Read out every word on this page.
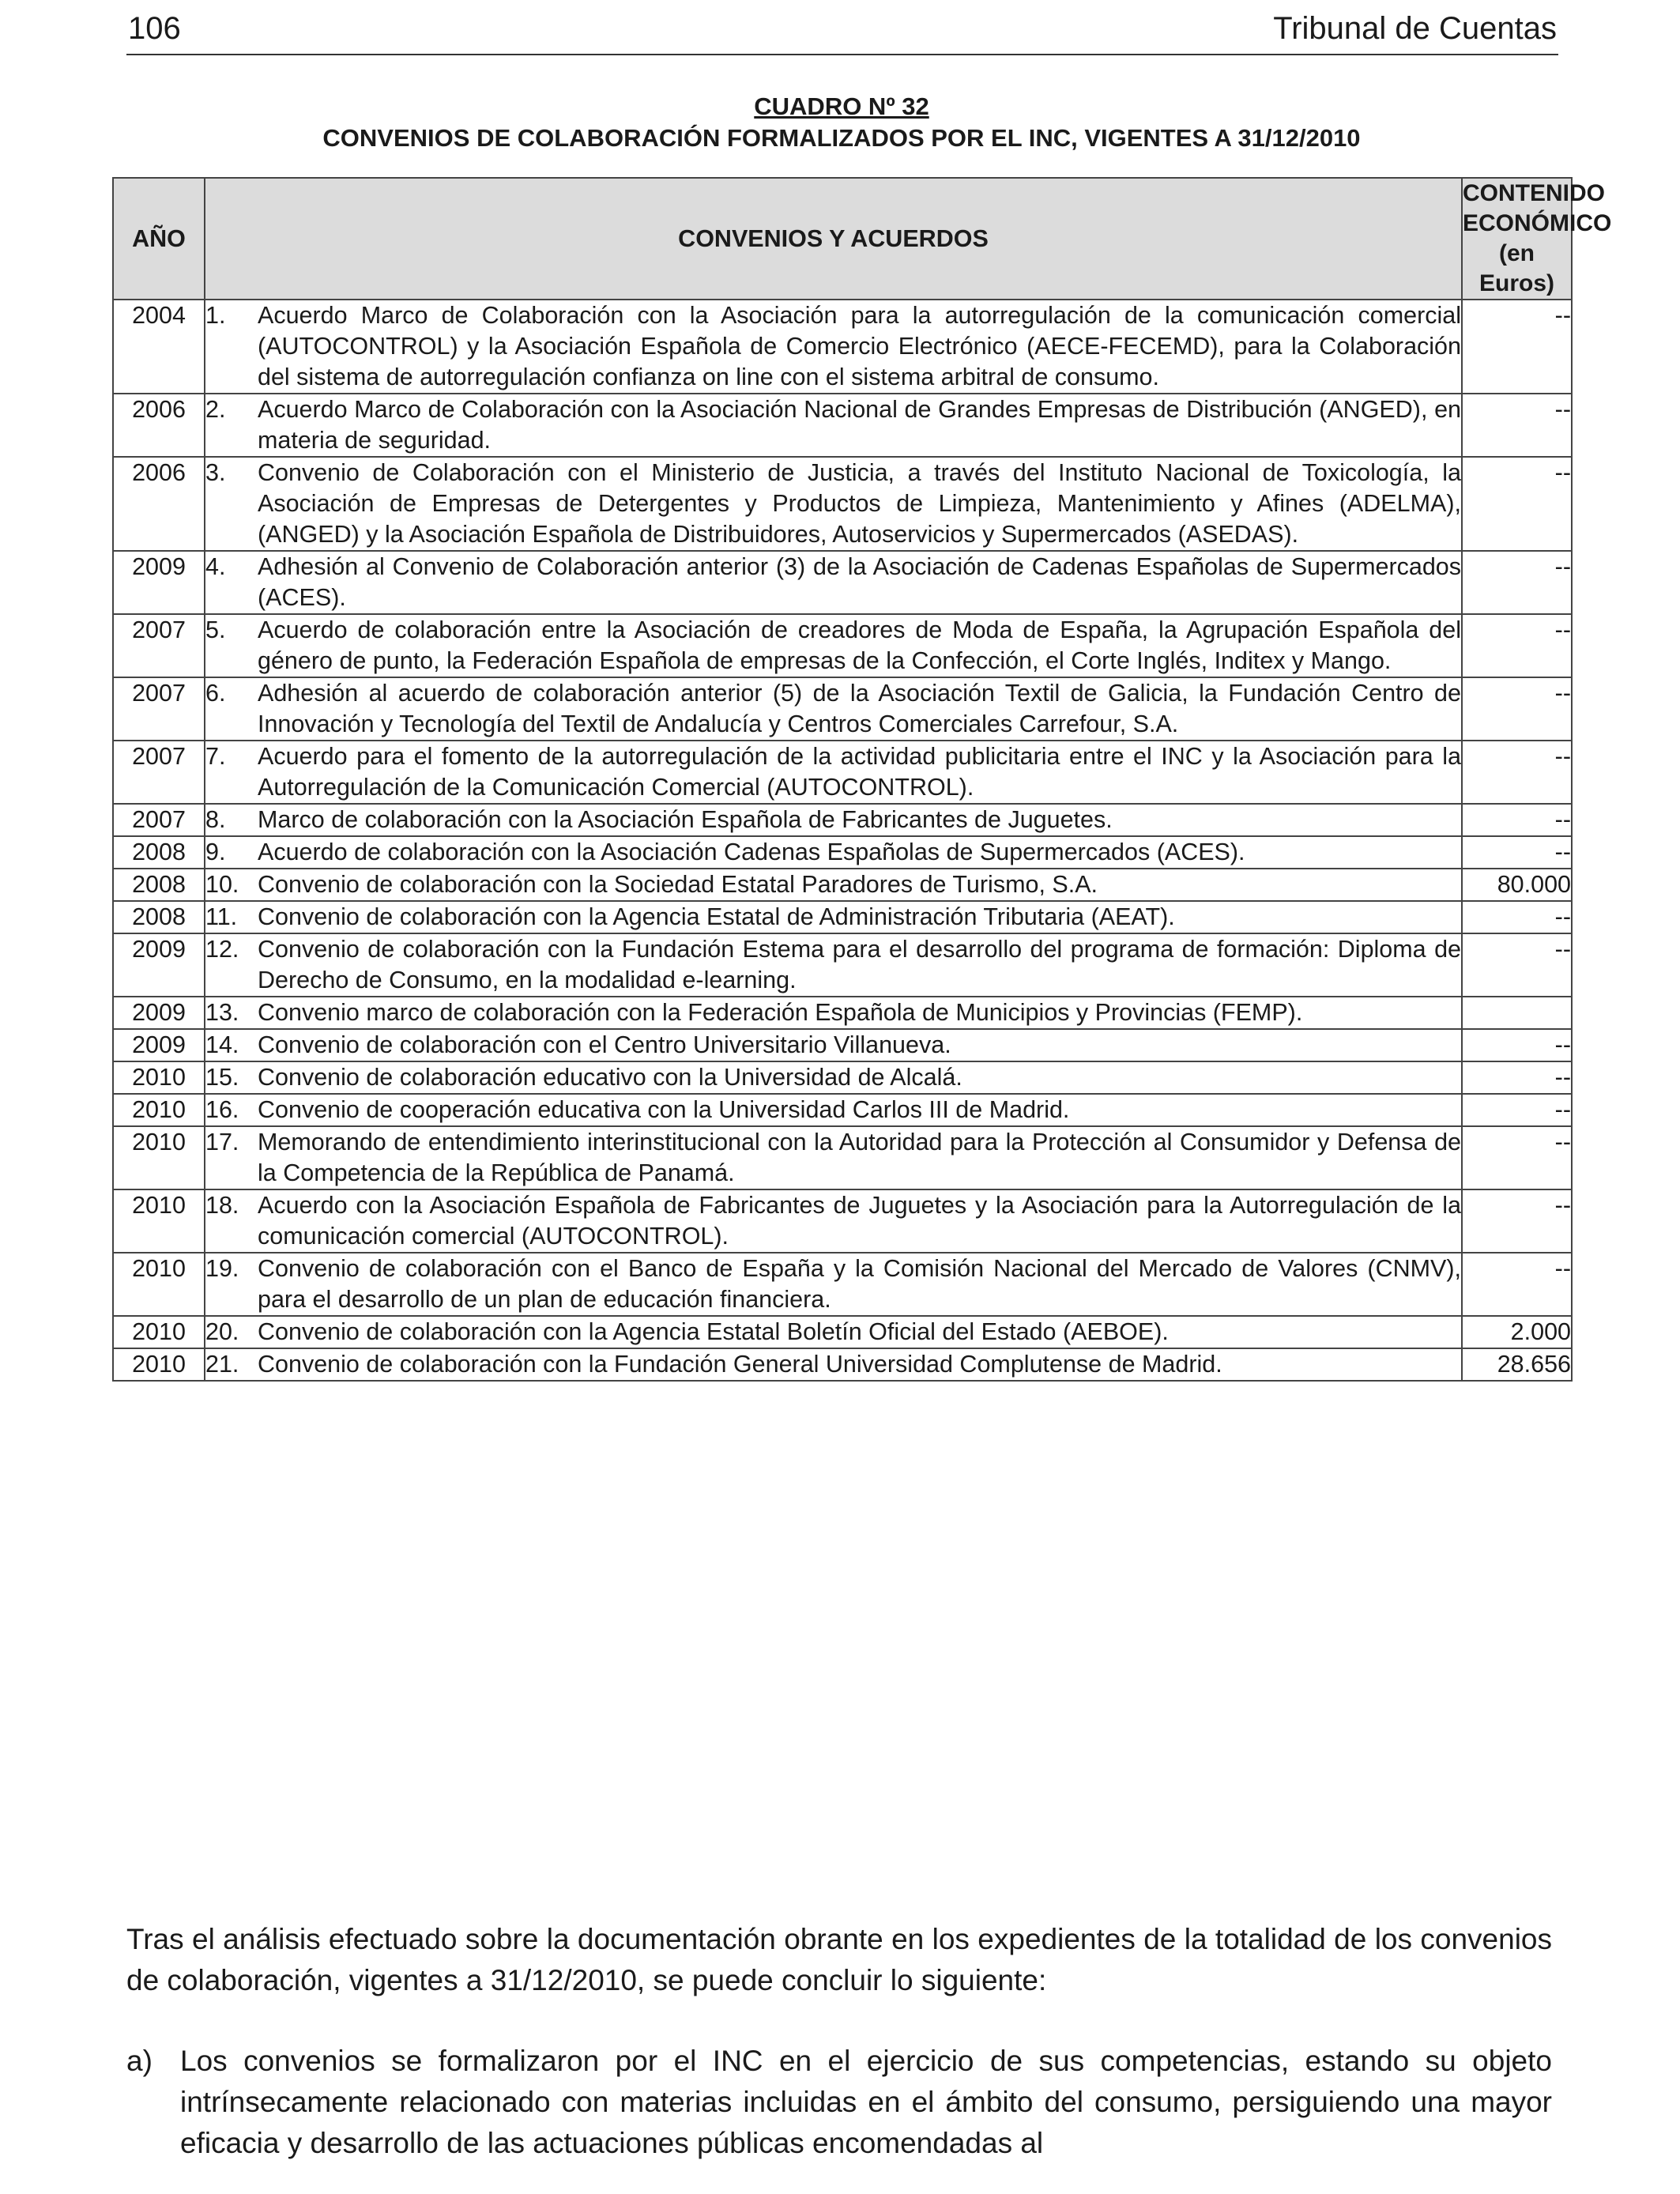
106	Tribunal de Cuentas
CUADRO Nº 32
CONVENIOS DE COLABORACIÓN FORMALIZADOS POR EL INC, VIGENTES A 31/12/2010
AÑO	CONVENIOS Y ACUERDOS	CONTENIDO
ECONÓMICO
(en Euros)

2004	1. Acuerdo Marco de Colaboración con la Asociación para la autorregulación de la comunicación comercial (AUTOCONTROL) y la Asociación Española de Comercio Electrónico (AECE-FECEMD), para la Colaboración del sistema de autorregulación confianza on line con el sistema arbitral de consumo.	--
2006	2. Acuerdo Marco de Colaboración con la Asociación Nacional de Grandes Empresas de Distribución (ANGED), en materia de seguridad.	--
2006	3. Convenio de Colaboración con el Ministerio de Justicia, a través del Instituto Nacional de Toxicología, la Asociación de Empresas de Detergentes y Productos de Limpieza, Mantenimiento y Afines (ADELMA), (ANGED) y la Asociación Española de Distribuidores, Autoservicios y Supermercados (ASEDAS).	--
2009	4. Adhesión al Convenio de Colaboración anterior (3) de la Asociación de Cadenas Españolas de Supermercados (ACES).	--
2007	5. Acuerdo de colaboración entre la Asociación de creadores de Moda de España, la Agrupación Española del género de punto, la Federación Española de empresas de la Confección, el Corte Inglés, Inditex y Mango.	--
2007	6. Adhesión al acuerdo de colaboración anterior (5) de la Asociación Textil de Galicia, la Fundación Centro de Innovación y Tecnología del Textil de Andalucía y Centros Comerciales Carrefour, S.A.	--
2007	7. Acuerdo para el fomento de la autorregulación de la actividad publicitaria entre el INC y la Asociación para la Autorregulación de la Comunicación Comercial (AUTOCONTROL).	--
2007	8. Marco de colaboración con la Asociación Española de Fabricantes de Juguetes.	--
2008	9. Acuerdo de colaboración con la Asociación Cadenas Españolas de Supermercados (ACES).	--
2008	10. Convenio de colaboración con la Sociedad Estatal Paradores de Turismo, S.A.	80.000
2008	11. Convenio de colaboración con la Agencia Estatal de Administración Tributaria (AEAT).	--
2009	12. Convenio de colaboración con la Fundación Estema para el desarrollo del programa de formación: Diploma de Derecho de Consumo, en la modalidad e-learning.	--
2009	13. Convenio marco de colaboración con la Federación Española de Municipios y Provincias (FEMP).	

2009	14. Convenio de colaboración con el Centro Universitario Villanueva.	--
2010	15. Convenio de colaboración educativo con la Universidad de Alcalá.	--
2010	16. Convenio de cooperación educativa con la Universidad Carlos III de Madrid.	--
2010	17. Memorando de entendimiento interinstitucional con la Autoridad para la Protección al Consumidor y Defensa de la Competencia de la República de Panamá.	--
2010	18. Acuerdo con la Asociación Española de Fabricantes de Juguetes y la Asociación para la Autorregulación de la comunicación comercial (AUTOCONTROL).	--
2010	19. Convenio de colaboración con el Banco de España y la Comisión Nacional del Mercado de Valores (CNMV), para el desarrollo de un plan de educación financiera.	--
2010	20. Convenio de colaboración con la Agencia Estatal Boletín Oficial del Estado (AEBOE).	2.000
2010	21. Convenio de colaboración con la Fundación General Universidad Complutense de Madrid.	28.656
Tras el análisis efectuado sobre la documentación obrante en los expedientes de la totalidad de los convenios de colaboración, vigentes a 31/12/2010, se puede concluir lo siguiente:
a) Los convenios se formalizaron por el INC en el ejercicio de sus competencias, estando su objeto intrínsecamente relacionado con materias incluidas en el ámbito del consumo, persiguiendo una mayor eficacia y desarrollo de las actuaciones públicas encomendadas al
